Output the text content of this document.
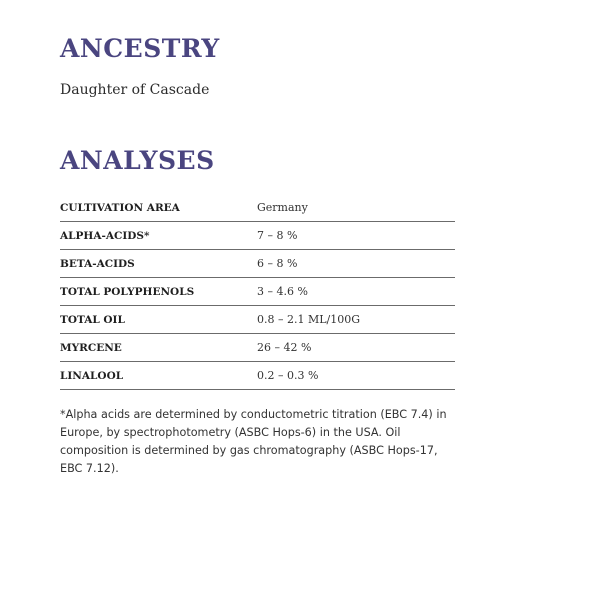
ANCESTRY

Daughter of Cascade

ANALYSES
CULTIVATION AREA	Germany
ALPHA-ACIDS*	7 – 8 %
BETA-ACIDS	6 – 8 %
TOTAL POLYPHENOLS	3 – 4.6 %
TOTAL OIL	0.8 – 2.1 ML/100G
MYRCENE	26 – 42 %
LINALOOL	0.2 – 0.3 %

*Alpha acids are determined by conductometric titration (EBC 7.4) in Europe, by spectrophotometry (ASBC Hops-6) in the USA. Oil composition is determined by gas chromatography (ASBC Hops-17, EBC 7.12).
